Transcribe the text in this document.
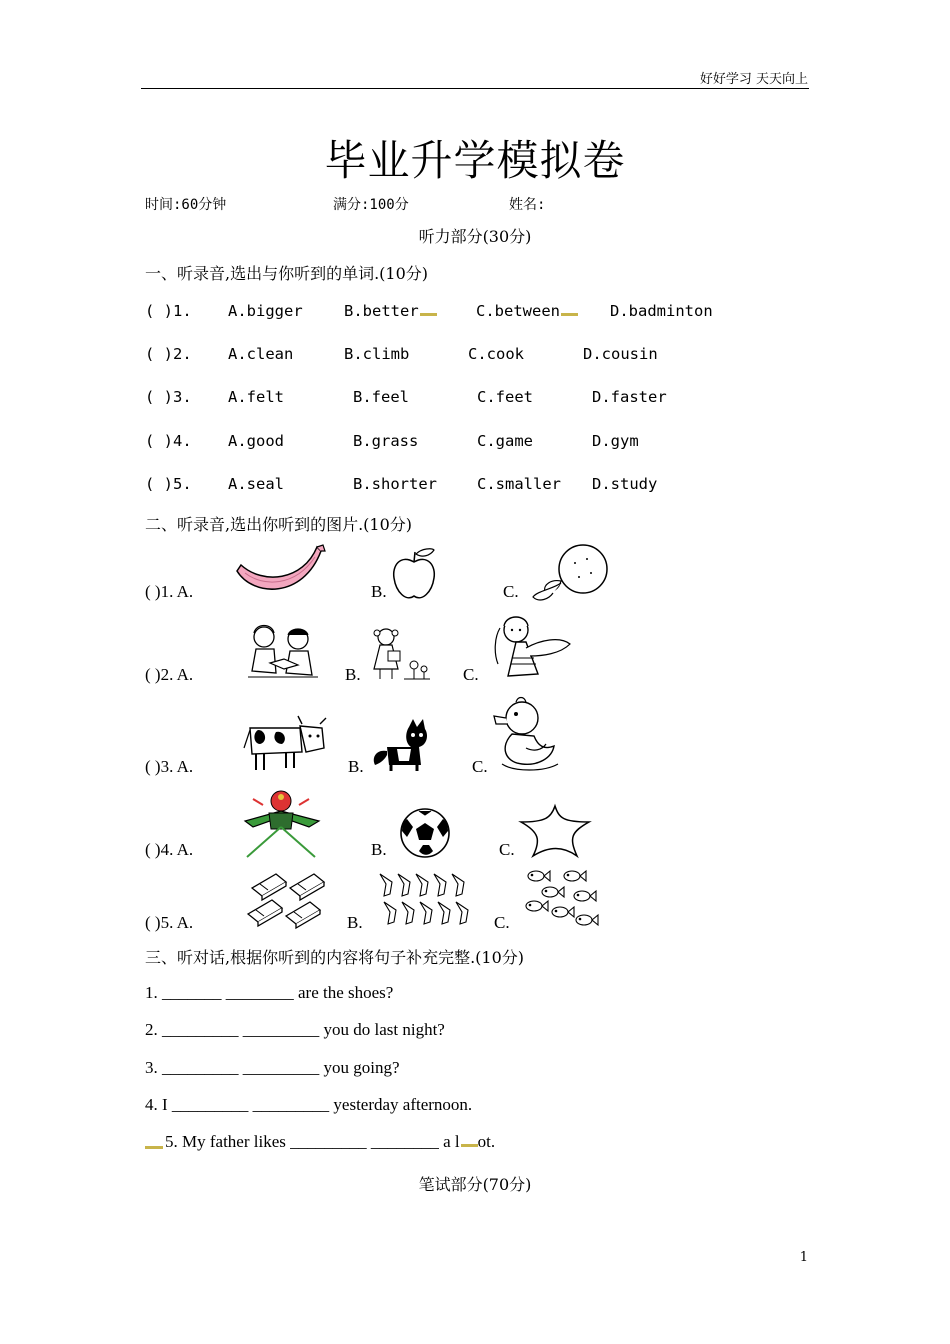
好好学习 天天向上
毕业升学模拟卷
时间:60分钟	满分:100分	姓名:
听力部分(30分)
一、听录音,选出与你听到的单词.(10分)
( )1. A.bigger	B.better	C.between	D.badminton
( )2. A.clean	B.climb	C.cook	D.cousin
( )3. A.felt	B.feel	C.feet	D.faster
( )4. A.good	B.grass	C.game	D.gym
( )5. A.seal	B.shorter	C.smaller D.study
二、听录音,选出你听到的图片.(10分)
( )1. A.	B.	C.
( )2. A.	B.	C.
( )3. A.	B.	C.
( )4. A.	B.	C.
( )5. A.	B.	C.
三、听对话,根据你听到的内容将句子补充完整.(10分)
1. _______ ________ are the shoes?
2. _________ _________ you do last night?
3. _________ _________ you going?
4. I _________ _________ yesterday afternoon.
5. My father likes _________ ________ a l ot.
笔试部分(70分)
1
